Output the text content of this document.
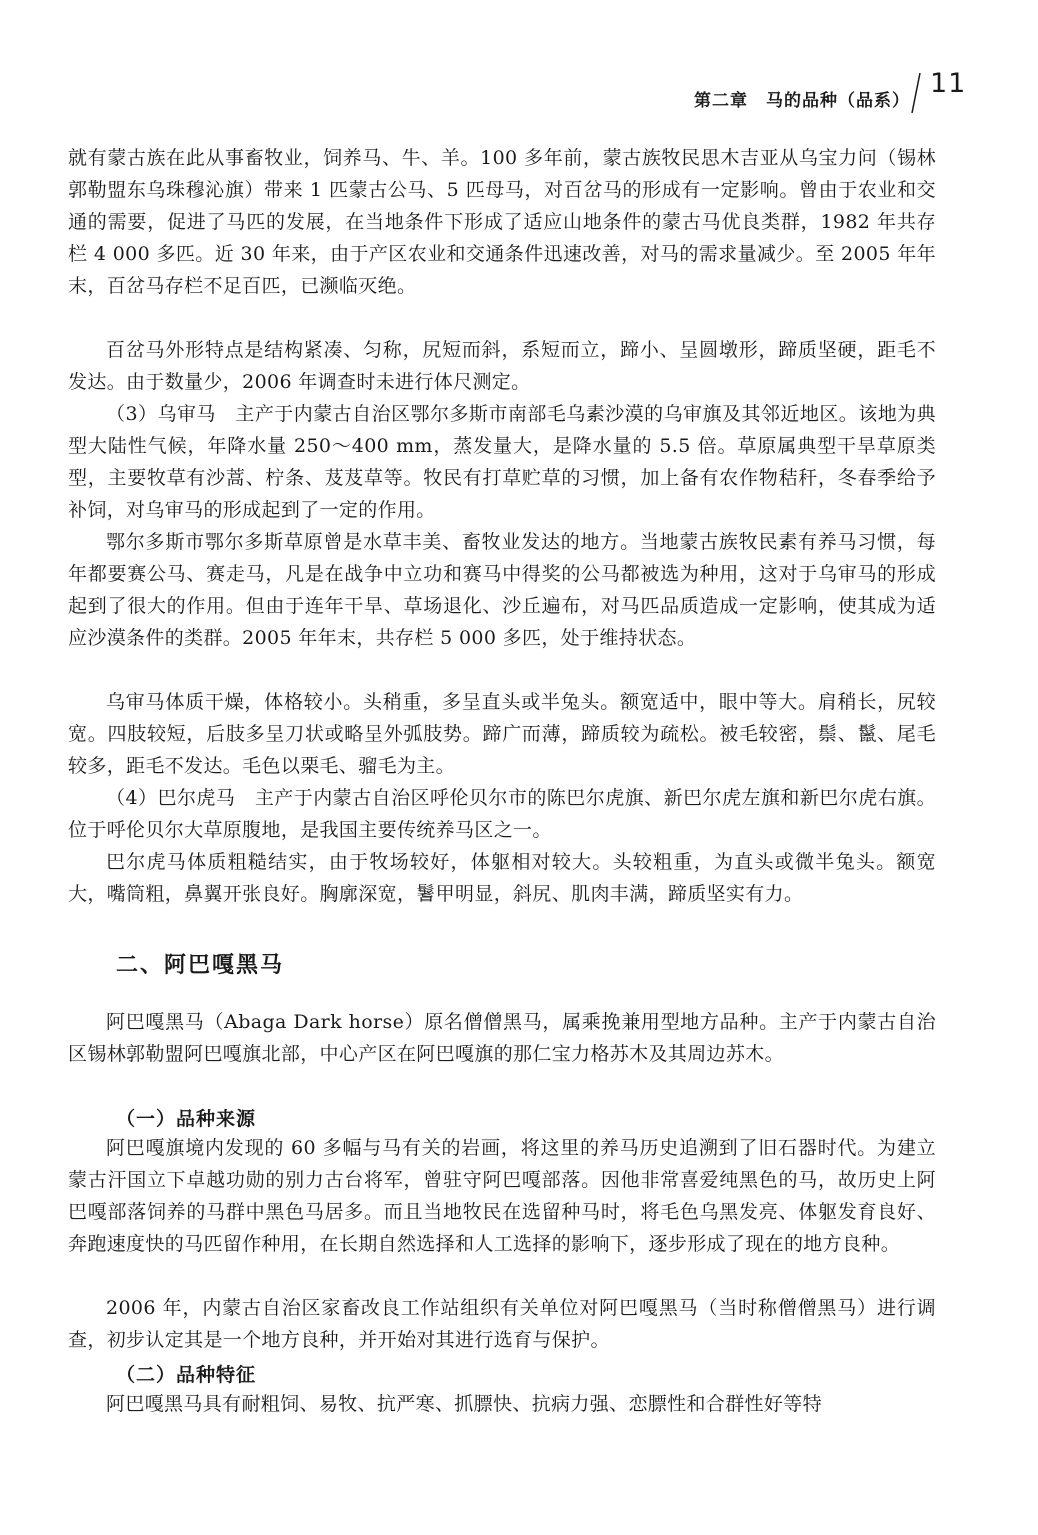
第二章　马的品种（品系）
11

就有蒙古族在此从事畜牧业，饲养马、牛、羊。100 多年前，蒙古族牧民思木吉亚从乌宝力问（锡林郭勒盟东乌珠穆沁旗）带来 1 匹蒙古公马、5 匹母马，对百岔马的形成有一定影响。曾由于农业和交通的需要，促进了马匹的发展，在当地条件下形成了适应山地条件的蒙古马优良类群，1982 年共存栏 4 000 多匹。近 30 年来，由于产区农业和交通条件迅速改善，对马的需求量减少。至 2005 年年末，百岔马存栏不足百匹，已濒临灭绝。

百岔马外形特点是结构紧凑、匀称，尻短而斜，系短而立，蹄小、呈圆墩形，蹄质坚硬，距毛不发达。由于数量少，2006 年调查时未进行体尺测定。

（3）乌审马　主产于内蒙古自治区鄂尔多斯市南部毛乌素沙漠的乌审旗及其邻近地区。该地为典型大陆性气候，年降水量 250～400 mm，蒸发量大，是降水量的 5.5 倍。草原属典型干旱草原类型，主要牧草有沙蒿、柠条、芨芨草等。牧民有打草贮草的习惯，加上备有农作物秸秆，冬春季给予补饲，对乌审马的形成起到了一定的作用。

鄂尔多斯市鄂尔多斯草原曾是水草丰美、畜牧业发达的地方。当地蒙古族牧民素有养马习惯，每年都要赛公马、赛走马，凡是在战争中立功和赛马中得奖的公马都被选为种用，这对于乌审马的形成起到了很大的作用。但由于连年干旱、草场退化、沙丘遍布，对马匹品质造成一定影响，使其成为适应沙漠条件的类群。2005 年年末，共存栏 5 000 多匹，处于维持状态。

乌审马体质干燥，体格较小。头稍重，多呈直头或半兔头。额宽适中，眼中等大。肩稍长，尻较宽。四肢较短，后肢多呈刀状或略呈外弧肢势。蹄广而薄，蹄质较为疏松。被毛较密，鬃、鬣、尾毛较多，距毛不发达。毛色以栗毛、骝毛为主。

（4）巴尔虎马　主产于内蒙古自治区呼伦贝尔市的陈巴尔虎旗、新巴尔虎左旗和新巴尔虎右旗。位于呼伦贝尔大草原腹地，是我国主要传统养马区之一。

巴尔虎马体质粗糙结实，由于牧场较好，体躯相对较大。头较粗重，为直头或微半兔头。额宽大，嘴筒粗，鼻翼开张良好。胸廓深宽，鬐甲明显，斜尻、肌肉丰满，蹄质坚实有力。

二、阿巴嘎黑马

阿巴嘎黑马（Abaga Dark horse）原名僧僧黑马，属乘挽兼用型地方品种。主产于内蒙古自治区锡林郭勒盟阿巴嘎旗北部，中心产区在阿巴嘎旗的那仁宝力格苏木及其周边苏木。

（一）品种来源

阿巴嘎旗境内发现的 60 多幅与马有关的岩画，将这里的养马历史追溯到了旧石器时代。为建立蒙古汗国立下卓越功勋的别力古台将军，曾驻守阿巴嘎部落。因他非常喜爱纯黑色的马，故历史上阿巴嘎部落饲养的马群中黑色马居多。而且当地牧民在选留种马时，将毛色乌黑发亮、体躯发育良好、奔跑速度快的马匹留作种用，在长期自然选择和人工选择的影响下，逐步形成了现在的地方良种。

2006 年，内蒙古自治区家畜改良工作站组织有关单位对阿巴嘎黑马（当时称僧僧黑马）进行调查，初步认定其是一个地方良种，并开始对其进行选育与保护。

（二）品种特征

阿巴嘎黑马具有耐粗饲、易牧、抗严寒、抓膘快、抗病力强、恋膘性和合群性好等特
